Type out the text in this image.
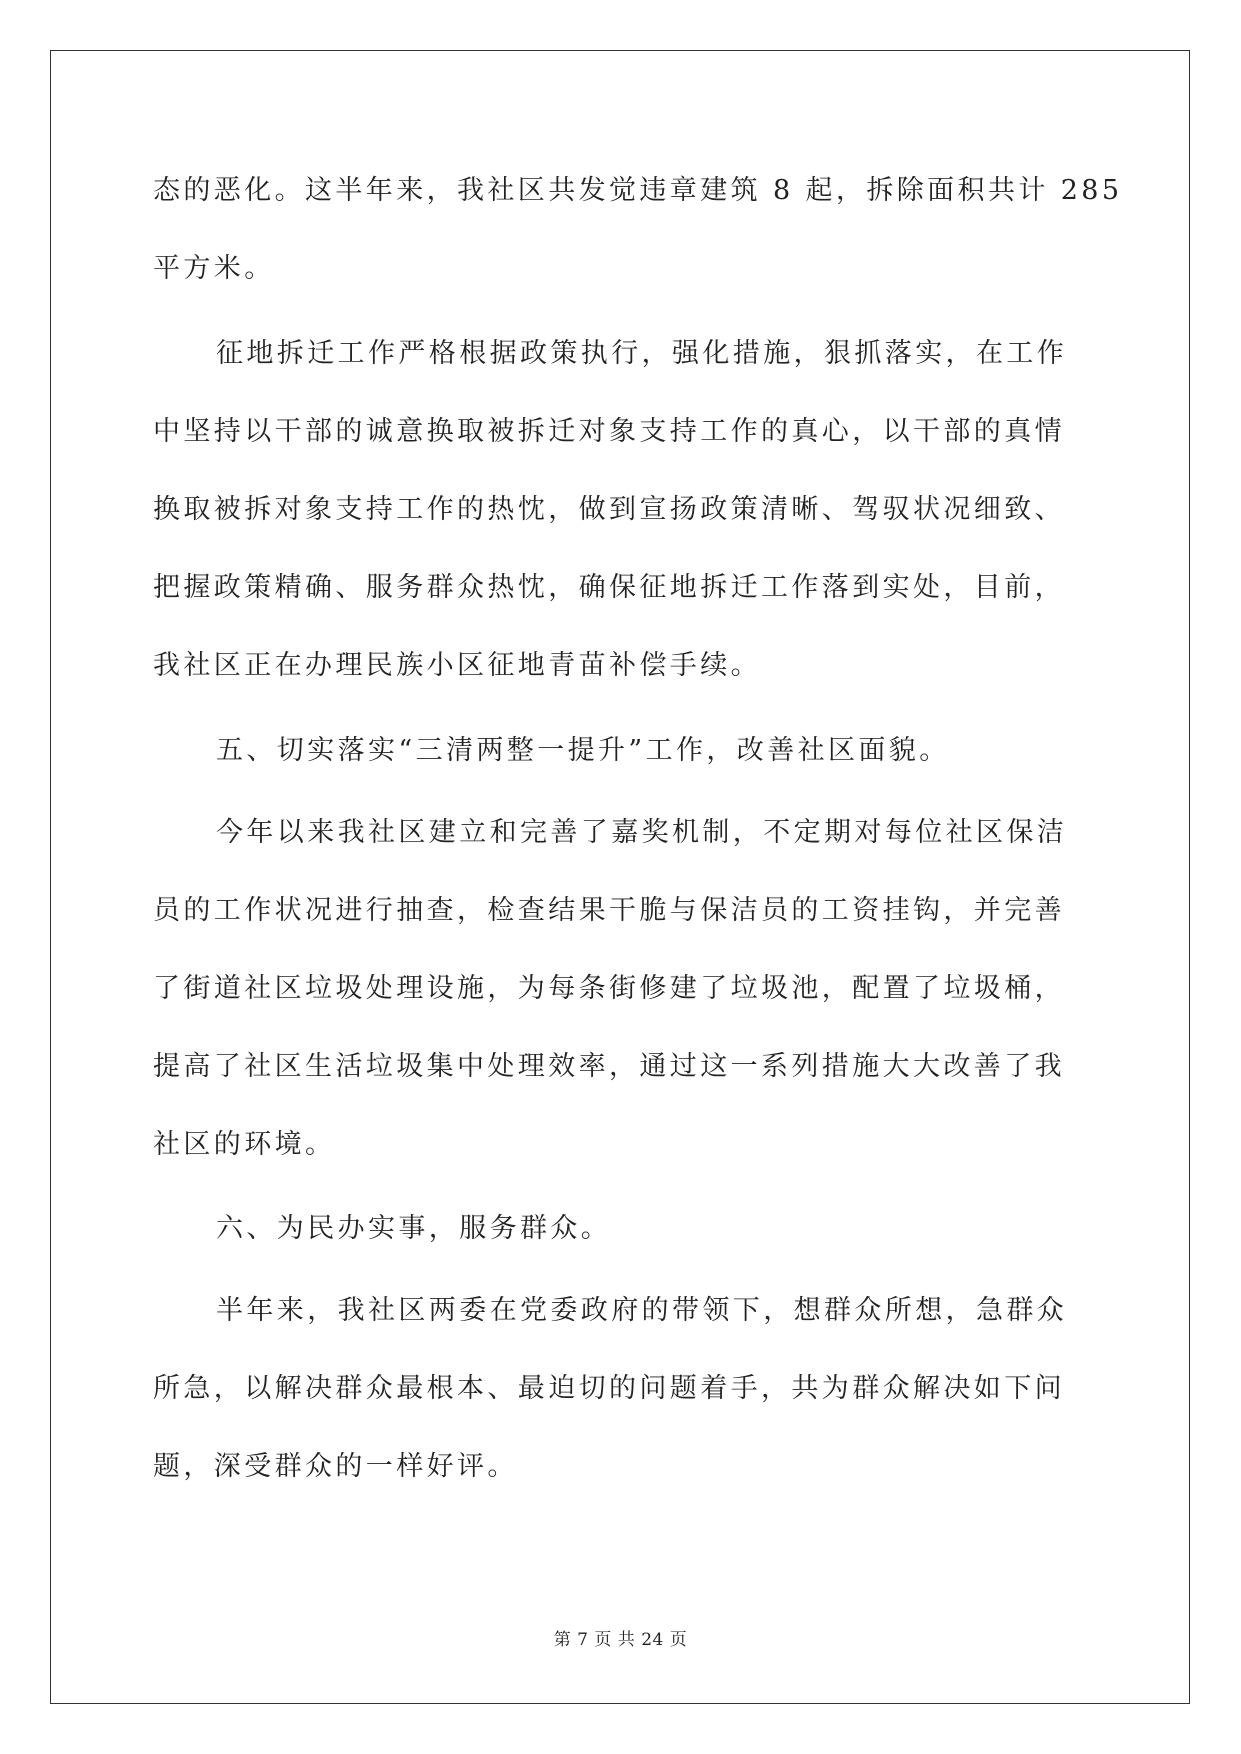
态的恶化。这半年来，我社区共发觉违章建筑 8 起，拆除面积共计 285
平方米。
征地拆迁工作严格根据政策执行，强化措施，狠抓落实，在工作
中坚持以干部的诚意换取被拆迁对象支持工作的真心，以干部的真情
换取被拆对象支持工作的热忱，做到宣扬政策清晰、驾驭状况细致、
把握政策精确、服务群众热忱，确保征地拆迁工作落到实处，目前，
我社区正在办理民族小区征地青苗补偿手续。
五、切实落实“三清两整一提升”工作，改善社区面貌。
今年以来我社区建立和完善了嘉奖机制，不定期对每位社区保洁
员的工作状况进行抽查，检查结果干脆与保洁员的工资挂钩，并完善
了街道社区垃圾处理设施，为每条街修建了垃圾池，配置了垃圾桶，
提高了社区生活垃圾集中处理效率，通过这一系列措施大大改善了我
社区的环境。
六、为民办实事，服务群众。
半年来，我社区两委在党委政府的带领下，想群众所想，急群众
所急，以解决群众最根本、最迫切的问题着手，共为群众解决如下问
题，深受群众的一样好评。
第 7 页 共 24 页
